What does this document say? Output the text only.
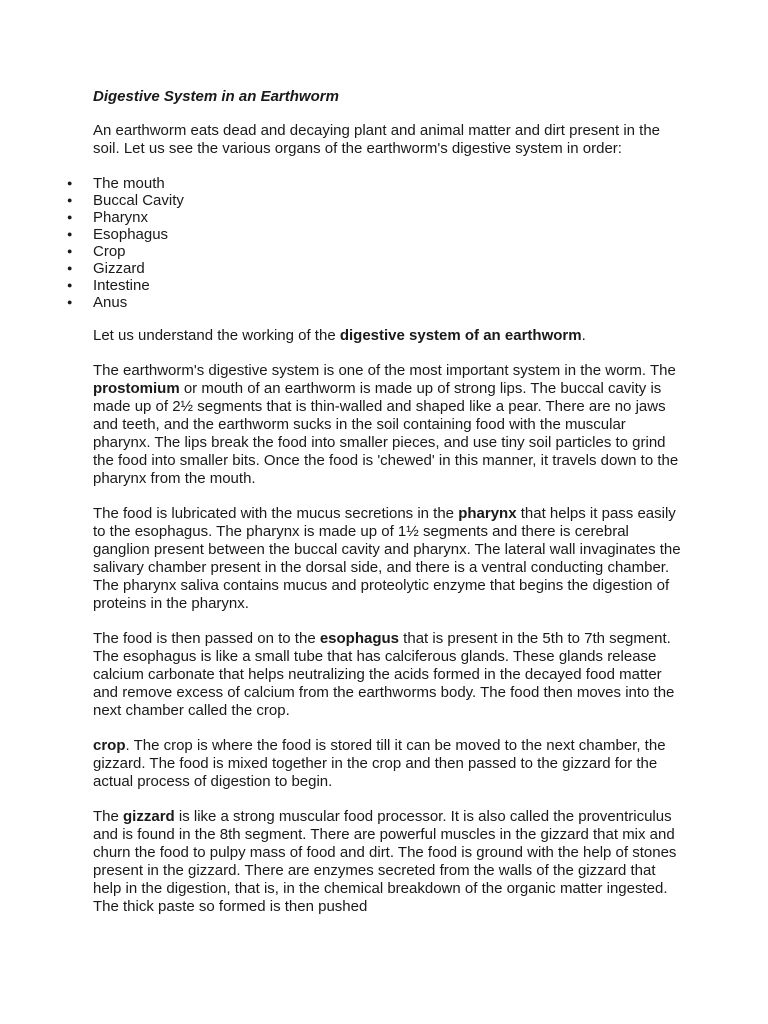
Digestive System in an Earthworm

An earthworm eats dead and decaying plant and animal matter and dirt present in the soil. Let us see the various organs of the earthworm's digestive system in order:

● The mouth
● Buccal Cavity
● Pharynx
● Esophagus
● Crop
● Gizzard
● Intestine
● Anus

Let us understand the working of the digestive system of an earthworm.

The earthworm's digestive system is one of the most important system in the worm. The prostomium or mouth of an earthworm is made up of strong lips. The buccal cavity is made up of 2½ segments that is thin-walled and shaped like a pear. There are no jaws and teeth, and the earthworm sucks in the soil containing food with the muscular pharynx. The lips break the food into smaller pieces, and use tiny soil particles to grind the food into smaller bits. Once the food is 'chewed' in this manner, it travels down to the pharynx from the mouth.

The food is lubricated with the mucus secretions in the pharynx that helps it pass easily to the esophagus. The pharynx is made up of 1½ segments and there is cerebral ganglion present between the buccal cavity and pharynx. The lateral wall invaginates the salivary chamber present in the dorsal side, and there is a ventral conducting chamber. The pharynx saliva contains mucus and proteolytic enzyme that begins the digestion of proteins in the pharynx.

The food is then passed on to the esophagus that is present in the 5th to 7th segment. The esophagus is like a small tube that has calciferous glands. These glands release calcium carbonate that helps neutralizing the acids formed in the decayed food matter and remove excess of calcium from the earthworms body. The food then moves into the next chamber called the crop.

crop. The crop is where the food is stored till it can be moved to the next chamber, the gizzard. The food is mixed together in the crop and then passed to the gizzard for the actual process of digestion to begin.

The gizzard is like a strong muscular food processor. It is also called the proventriculus and is found in the 8th segment. There are powerful muscles in the gizzard that mix and churn the food to pulpy mass of food and dirt. The food is ground with the help of stones present in the gizzard. There are enzymes secreted from the walls of the gizzard that help in the digestion, that is, in the chemical breakdown of the organic matter ingested. The thick paste so formed is then pushed
